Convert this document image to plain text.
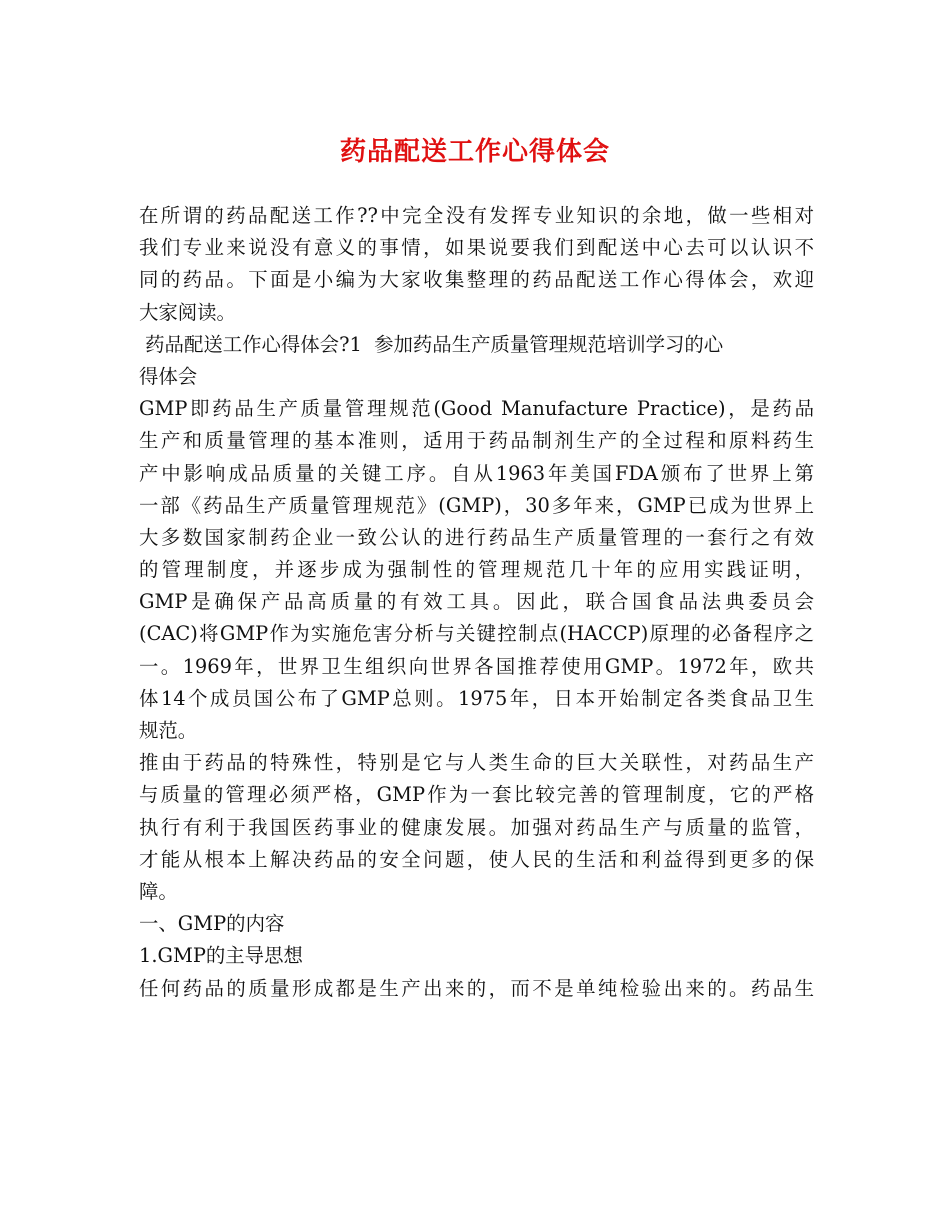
药品配送工作心得体会
在所谓的药品配送工作??中完全没有发挥专业知识的余地，做一些相对
我们专业来说没有意义的事情，如果说要我们到配送中心去可以认识不
同的药品。下面是小编为大家收集整理的药品配送工作心得体会，欢迎
大家阅读。
药品配送工作心得体会?1  参加药品生产质量管理规范培训学习的心
得体会
GMP即药品生产质量管理规范(Good Manufacture Practice)，是药品
生产和质量管理的基本准则，适用于药品制剂生产的全过程和原料药生
产中影响成品质量的关键工序。自从1963年美国FDA颁布了世界上第
一部《药品生产质量管理规范》(GMP)，30多年来，GMP已成为世界上
大多数国家制药企业一致公认的进行药品生产质量管理的一套行之有效
的管理制度，并逐步成为强制性的管理规范几十年的应用实践证明，
GMP是确保产品高质量的有效工具。因此，联合国食品法典委员会
(CAC)将GMP作为实施危害分析与关键控制点(HACCP)原理的必备程序之
一。1969年，世界卫生组织向世界各国推荐使用GMP。1972年，欧共
体14个成员国公布了GMP总则。1975年，日本开始制定各类食品卫生
规范。
推由于药品的特殊性，特别是它与人类生命的巨大关联性，对药品生产
与质量的管理必须严格，GMP作为一套比较完善的管理制度，它的严格
执行有利于我国医药事业的健康发展。加强对药品生产与质量的监管，
才能从根本上解决药品的安全问题，使人民的生活和利益得到更多的保
障。
一、GMP的内容
1.GMP的主导思想
任何药品的质量形成都是生产出来的，而不是单纯检验出来的。药品生
